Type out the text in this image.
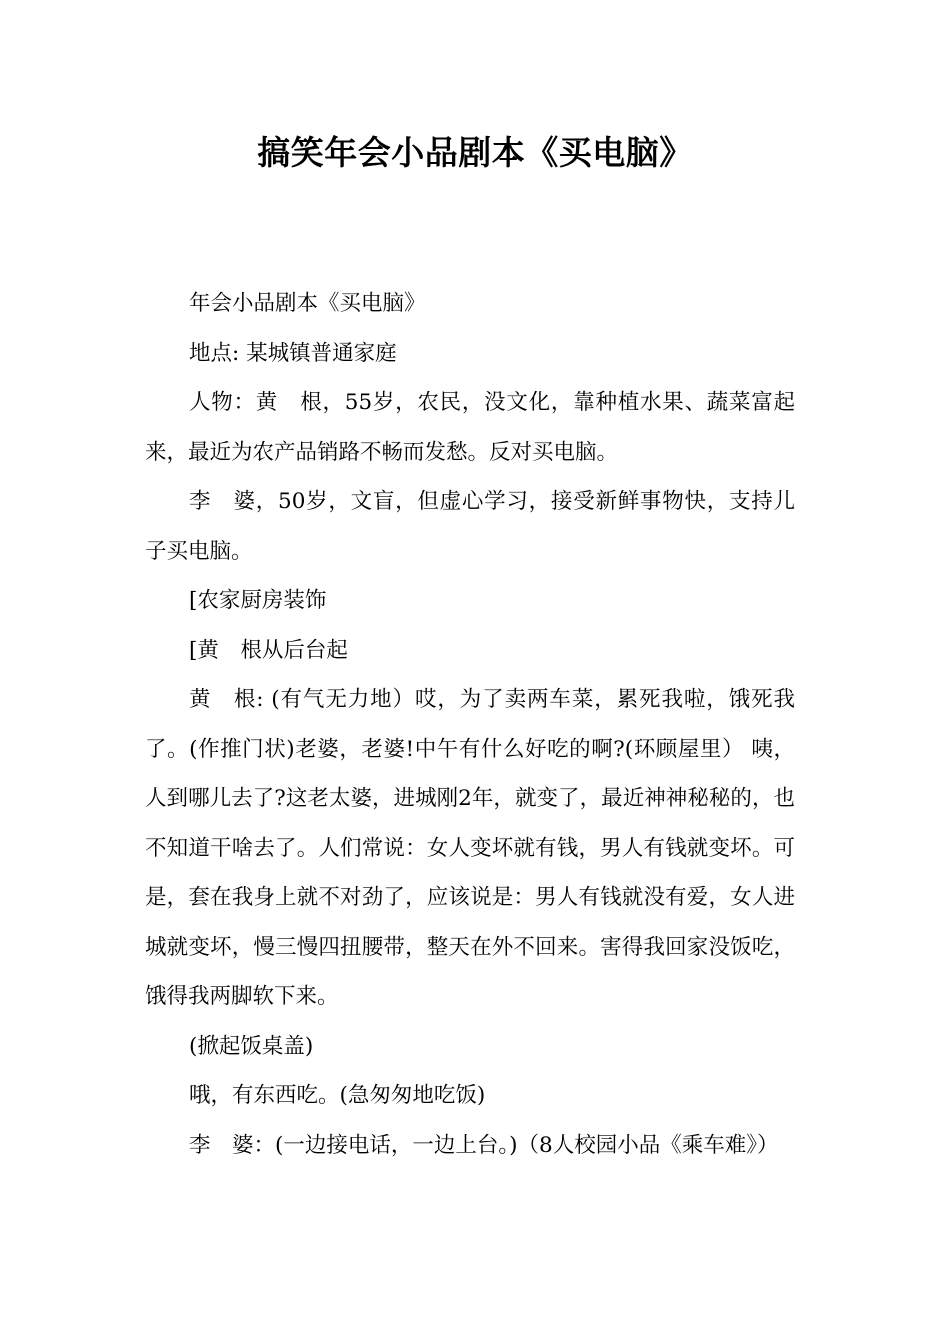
搞笑年会小品剧本《买电脑》

年会小品剧本《买电脑》

地点: 某城镇普通家庭

人物：黄　根，55岁，农民，没文化，靠种植水果、蔬菜富起来，最近为农产品销路不畅而发愁。反对买电脑。

李　婆，50岁，文盲，但虚心学习，接受新鲜事物快，支持儿子买电脑。

[农家厨房装饰

[黄　根从后台起

黄　根: (有气无力地）哎，为了卖两车菜，累死我啦，饿死我了。(作推门状)老婆，老婆!中午有什么好吃的啊?(环顾屋里） 咦，人到哪儿去了?这老太婆，进城刚2年，就变了，最近神神秘秘的，也不知道干啥去了。人们常说：女人变坏就有钱，男人有钱就变坏。可是，套在我身上就不对劲了，应该说是：男人有钱就没有爱，女人进城就变坏，慢三慢四扭腰带，整天在外不回来。害得我回家没饭吃，饿得我两脚软下来。

(掀起饭桌盖)

哦，有东西吃。(急匆匆地吃饭)

李　婆：(一边接电话，一边上台。)（8人校园小品《乘车难》）
